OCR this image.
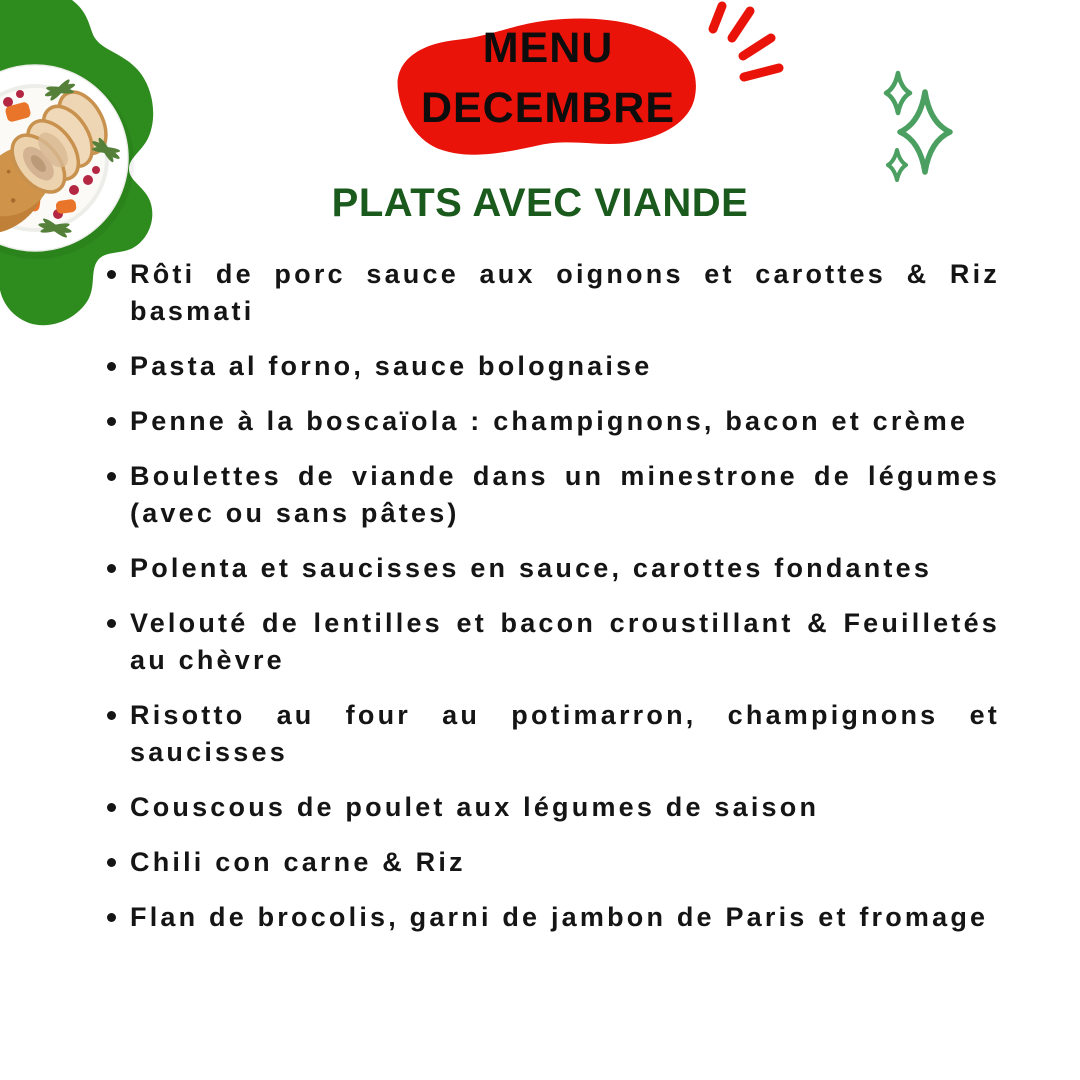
MENU
DECEMBRE
PLATS AVEC VIANDE
Rôti de porc sauce aux oignons et carottes & Riz basmati
Pasta al forno, sauce bolognaise
Penne à la boscaïola : champignons, bacon et crème
Boulettes de viande dans un minestrone de légumes (avec ou sans pâtes)
Polenta et saucisses en sauce, carottes fondantes
Velouté de lentilles et bacon croustillant & Feuilletés au chèvre
Risotto au four au potimarron, champignons et saucisses
Couscous de poulet aux légumes de saison
Chili con carne & Riz
Flan de brocolis, garni de jambon de Paris et fromage
